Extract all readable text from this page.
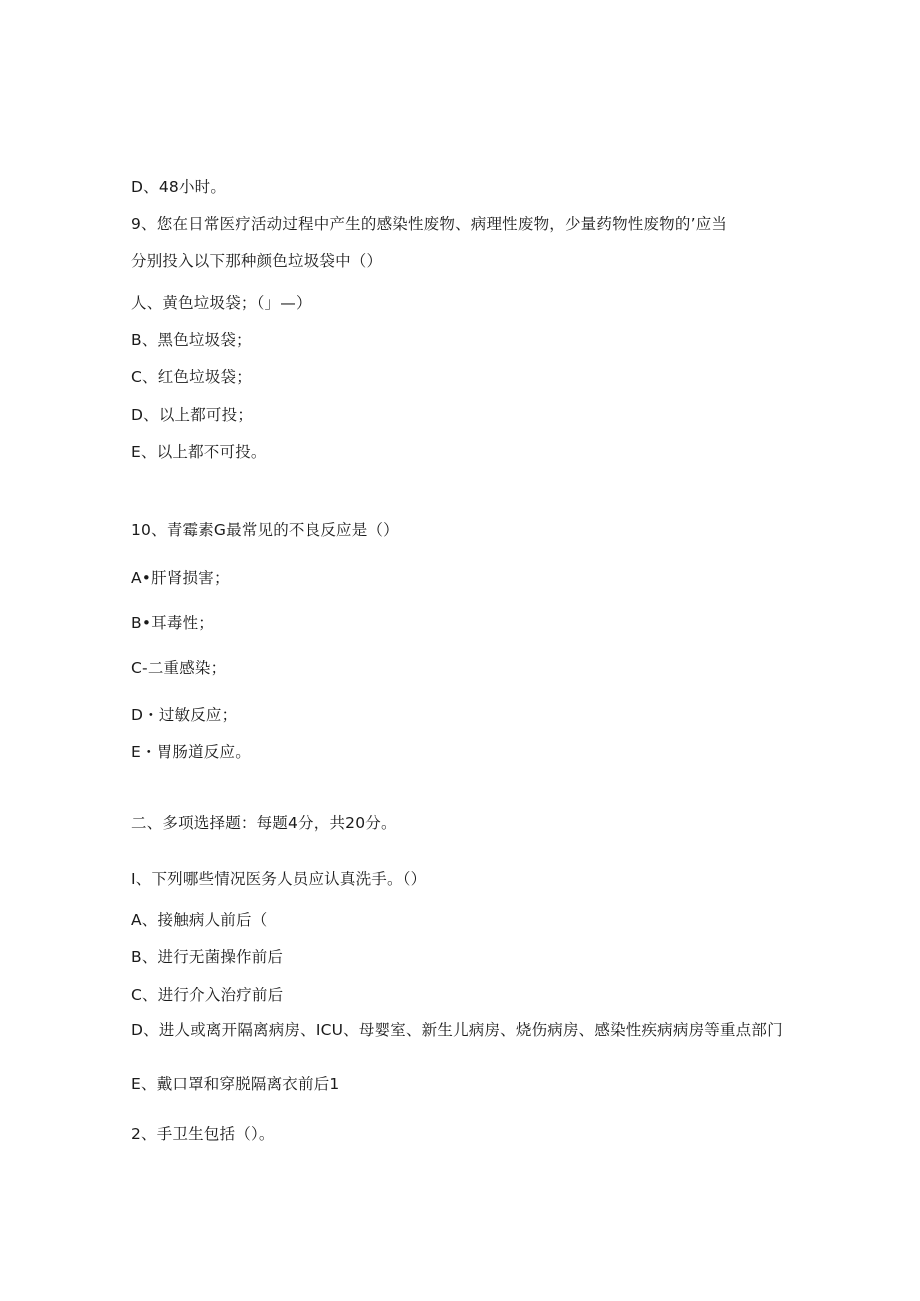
D、48小时。
9、您在日常医疗活动过程中产生的感染性废物、病理性废物，少量药物性废物的’应当
分别投入以下那种颜色垃圾袋中（）
人、黄色垃圾袋；（」—）
B、黑色垃圾袋；
C、红色垃圾袋；
D、以上都可投；
E、以上都不可投。
10、青霉素G最常见的不良反应是（）
A•肝肾损害；
B•耳毒性；
C-二重感染；
D・过敏反应；
E・胃肠道反应。
二、多项选择题：每题4分，共20分。
I、下列哪些情况医务人员应认真洗手。（）
A、接触病人前后（
B、进行无菌操作前后
C、进行介入治疗前后
D、进人或离开隔离病房、ICU、母婴室、新生儿病房、烧伤病房、感染性疾病病房等重点部门
E、戴口罩和穿脱隔离衣前后1
2、手卫生包括（）。
